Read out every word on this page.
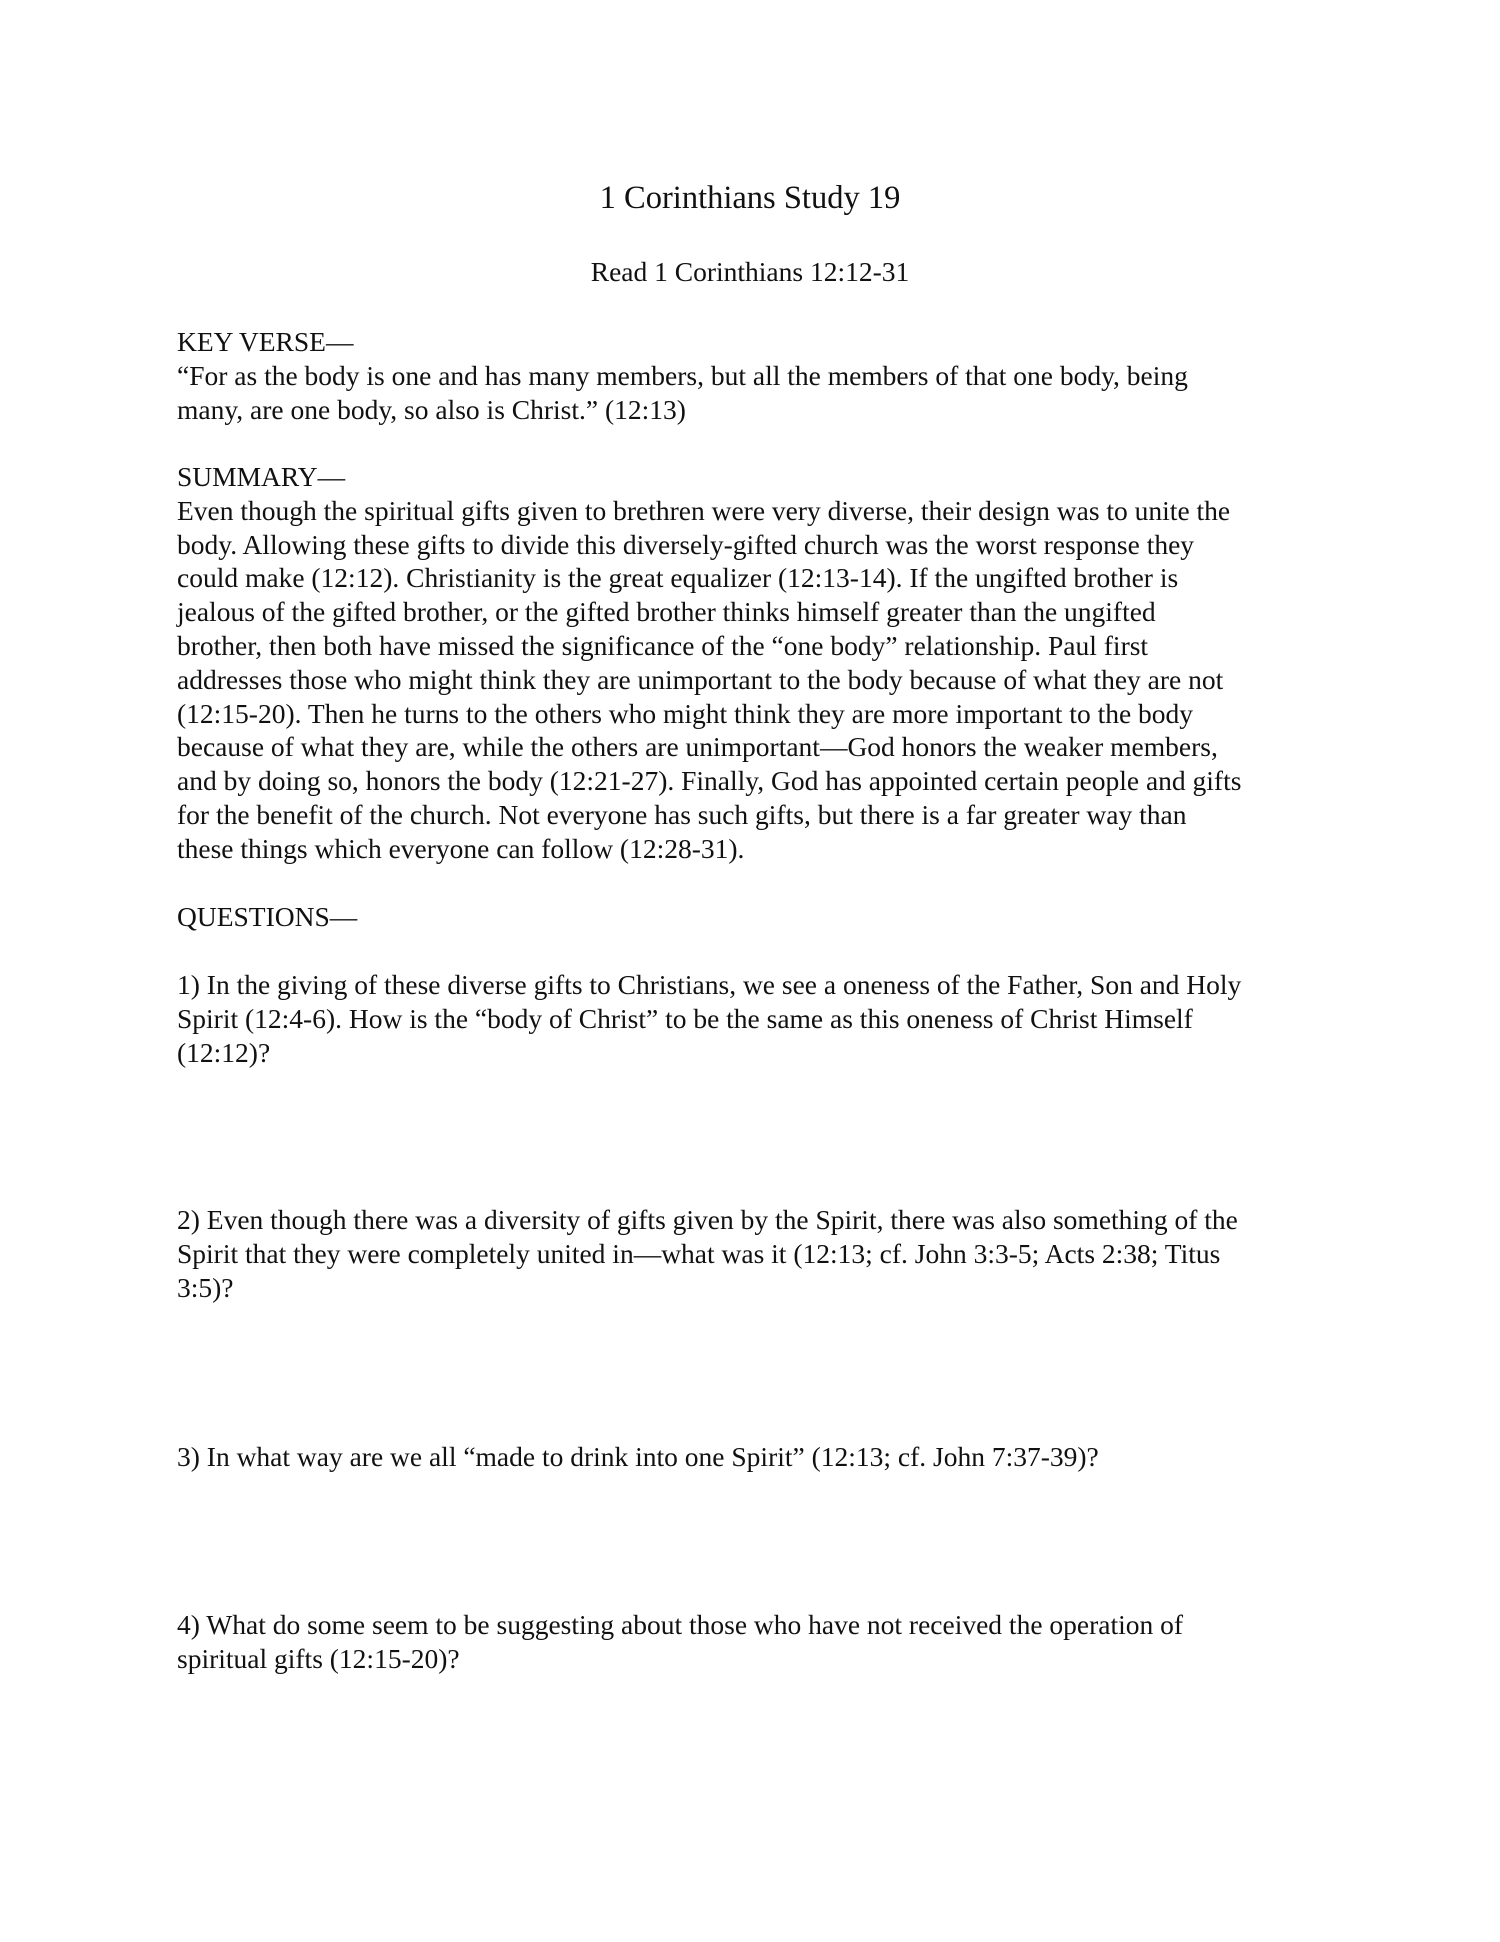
1 Corinthians Study 19
Read 1 Corinthians 12:12-31
KEY VERSE—
“For as the body is one and has many members, but all the members of that one body, being
many, are one body, so also is Christ.” (12:13)
SUMMARY—
Even though the spiritual gifts given to brethren were very diverse, their design was to unite the
body. Allowing these gifts to divide this diversely-gifted church was the worst response they
could make (12:12). Christianity is the great equalizer (12:13-14). If the ungifted brother is
jealous of the gifted brother, or the gifted brother thinks himself greater than the ungifted
brother, then both have missed the significance of the “one body” relationship. Paul first
addresses those who might think they are unimportant to the body because of what they are not
(12:15-20). Then he turns to the others who might think they are more important to the body
because of what they are, while the others are unimportant—God honors the weaker members,
and by doing so, honors the body (12:21-27). Finally, God has appointed certain people and gifts
for the benefit of the church. Not everyone has such gifts, but there is a far greater way than
these things which everyone can follow (12:28-31).
QUESTIONS—
1) In the giving of these diverse gifts to Christians, we see a oneness of the Father, Son and Holy
Spirit (12:4-6). How is the “body of Christ” to be the same as this oneness of Christ Himself
(12:12)?
2) Even though there was a diversity of gifts given by the Spirit, there was also something of the
Spirit that they were completely united in—what was it (12:13; cf. John 3:3-5; Acts 2:38; Titus
3:5)?
3) In what way are we all “made to drink into one Spirit” (12:13; cf. John 7:37-39)?
4) What do some seem to be suggesting about those who have not received the operation of
spiritual gifts (12:15-20)?
